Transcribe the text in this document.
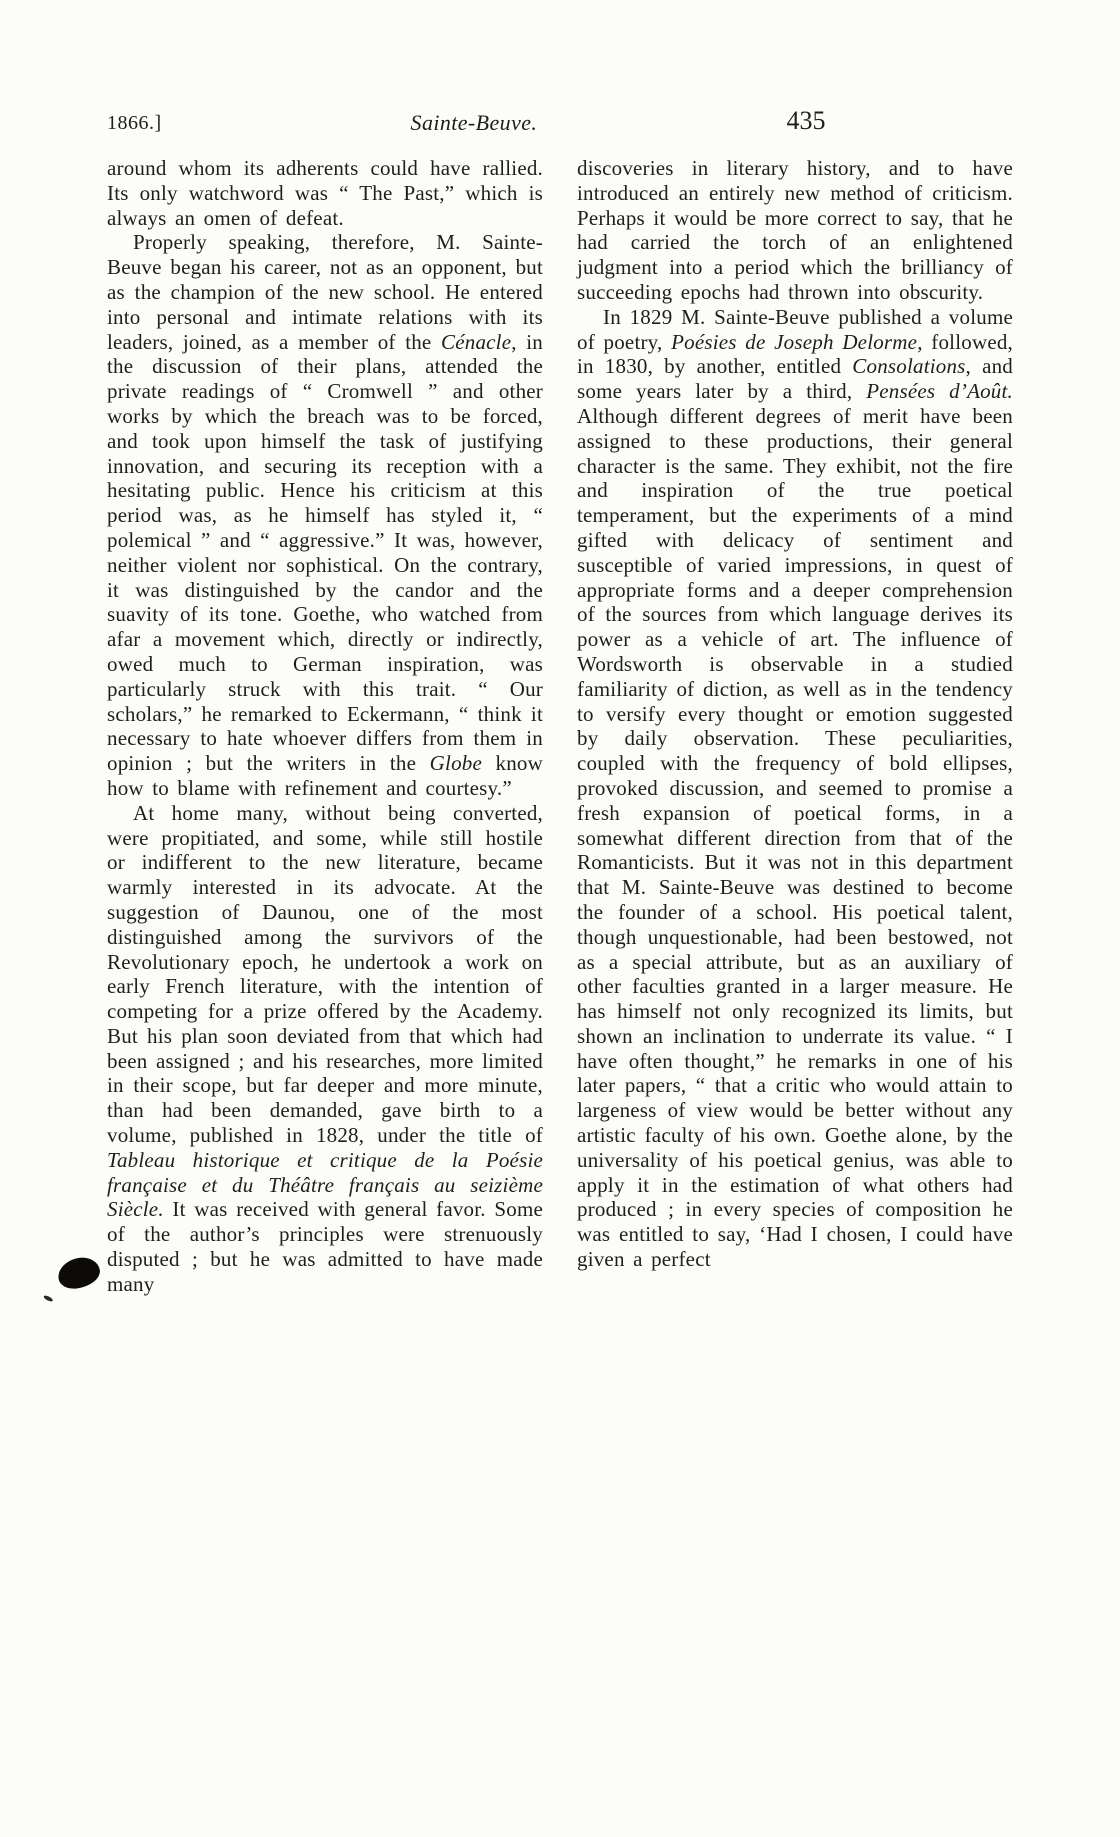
1866.]	Sainte-Beuve.	435

around whom its adherents could have rallied. Its only watchword was “ The Past,” which is always an omen of defeat.

Properly speaking, therefore, M. Sainte-Beuve began his career, not as an opponent, but as the champion of the new school. He entered into personal and intimate relations with its leaders, joined, as a member of the Cénacle, in the discussion of their plans, attended the private readings of “ Cromwell ” and other works by which the breach was to be forced, and took upon himself the task of justifying innovation, and securing its reception with a hesitating public. Hence his criticism at this period was, as he himself has styled it, “ polemical ” and “ aggressive.” It was, however, neither violent nor sophistical. On the contrary, it was distinguished by the candor and the suavity of its tone. Goethe, who watched from afar a movement which, directly or indirectly, owed much to German inspiration, was particularly struck with this trait. “ Our scholars,” he remarked to Eckermann, “ think it necessary to hate whoever differs from them in opinion ; but the writers in the Globe know how to blame with refinement and courtesy.”

At home many, without being converted, were propitiated, and some, while still hostile or indifferent to the new literature, became warmly interested in its advocate. At the suggestion of Daunou, one of the most distinguished among the survivors of the Revolutionary epoch, he undertook a work on early French literature, with the intention of competing for a prize offered by the Academy. But his plan soon deviated from that which had been assigned ; and his researches, more limited in their scope, but far deeper and more minute, than had been demanded, gave birth to a volume, published in 1828, under the title of Tableau historique et critique de la Poésie française et du Théâtre français au seizième Siècle. It was received with general favor. Some of the author’s principles were strenuously disputed ; but he was admitted to have made many

discoveries in literary history, and to have introduced an entirely new method of criticism. Perhaps it would be more correct to say, that he had carried the torch of an enlightened judgment into a period which the brilliancy of succeeding epochs had thrown into obscurity.

In 1829 M. Sainte-Beuve published a volume of poetry, Poésies de Joseph Delorme, followed, in 1830, by another, entitled Consolations, and some years later by a third, Pensées d’Août. Although different degrees of merit have been assigned to these productions, their general character is the same. They exhibit, not the fire and inspiration of the true poetical temperament, but the experiments of a mind gifted with delicacy of sentiment and susceptible of varied impressions, in quest of appropriate forms and a deeper comprehension of the sources from which language derives its power as a vehicle of art. The influence of Wordsworth is observable in a studied familiarity of diction, as well as in the tendency to versify every thought or emotion suggested by daily observation. These peculiarities, coupled with the frequency of bold ellipses, provoked discussion, and seemed to promise a fresh expansion of poetical forms, in a somewhat different direction from that of the Romanticists. But it was not in this department that M. Sainte-Beuve was destined to become the founder of a school. His poetical talent, though unquestionable, had been bestowed, not as a special attribute, but as an auxiliary of other faculties granted in a larger measure. He has himself not only recognized its limits, but shown an inclination to underrate its value. “ I have often thought,” he remarks in one of his later papers, “ that a critic who would attain to largeness of view would be better without any artistic faculty of his own. Goethe alone, by the universality of his poetical genius, was able to apply it in the estimation of what others had produced ; in every species of composition he was entitled to say, ‘Had I chosen, I could have given a perfect
